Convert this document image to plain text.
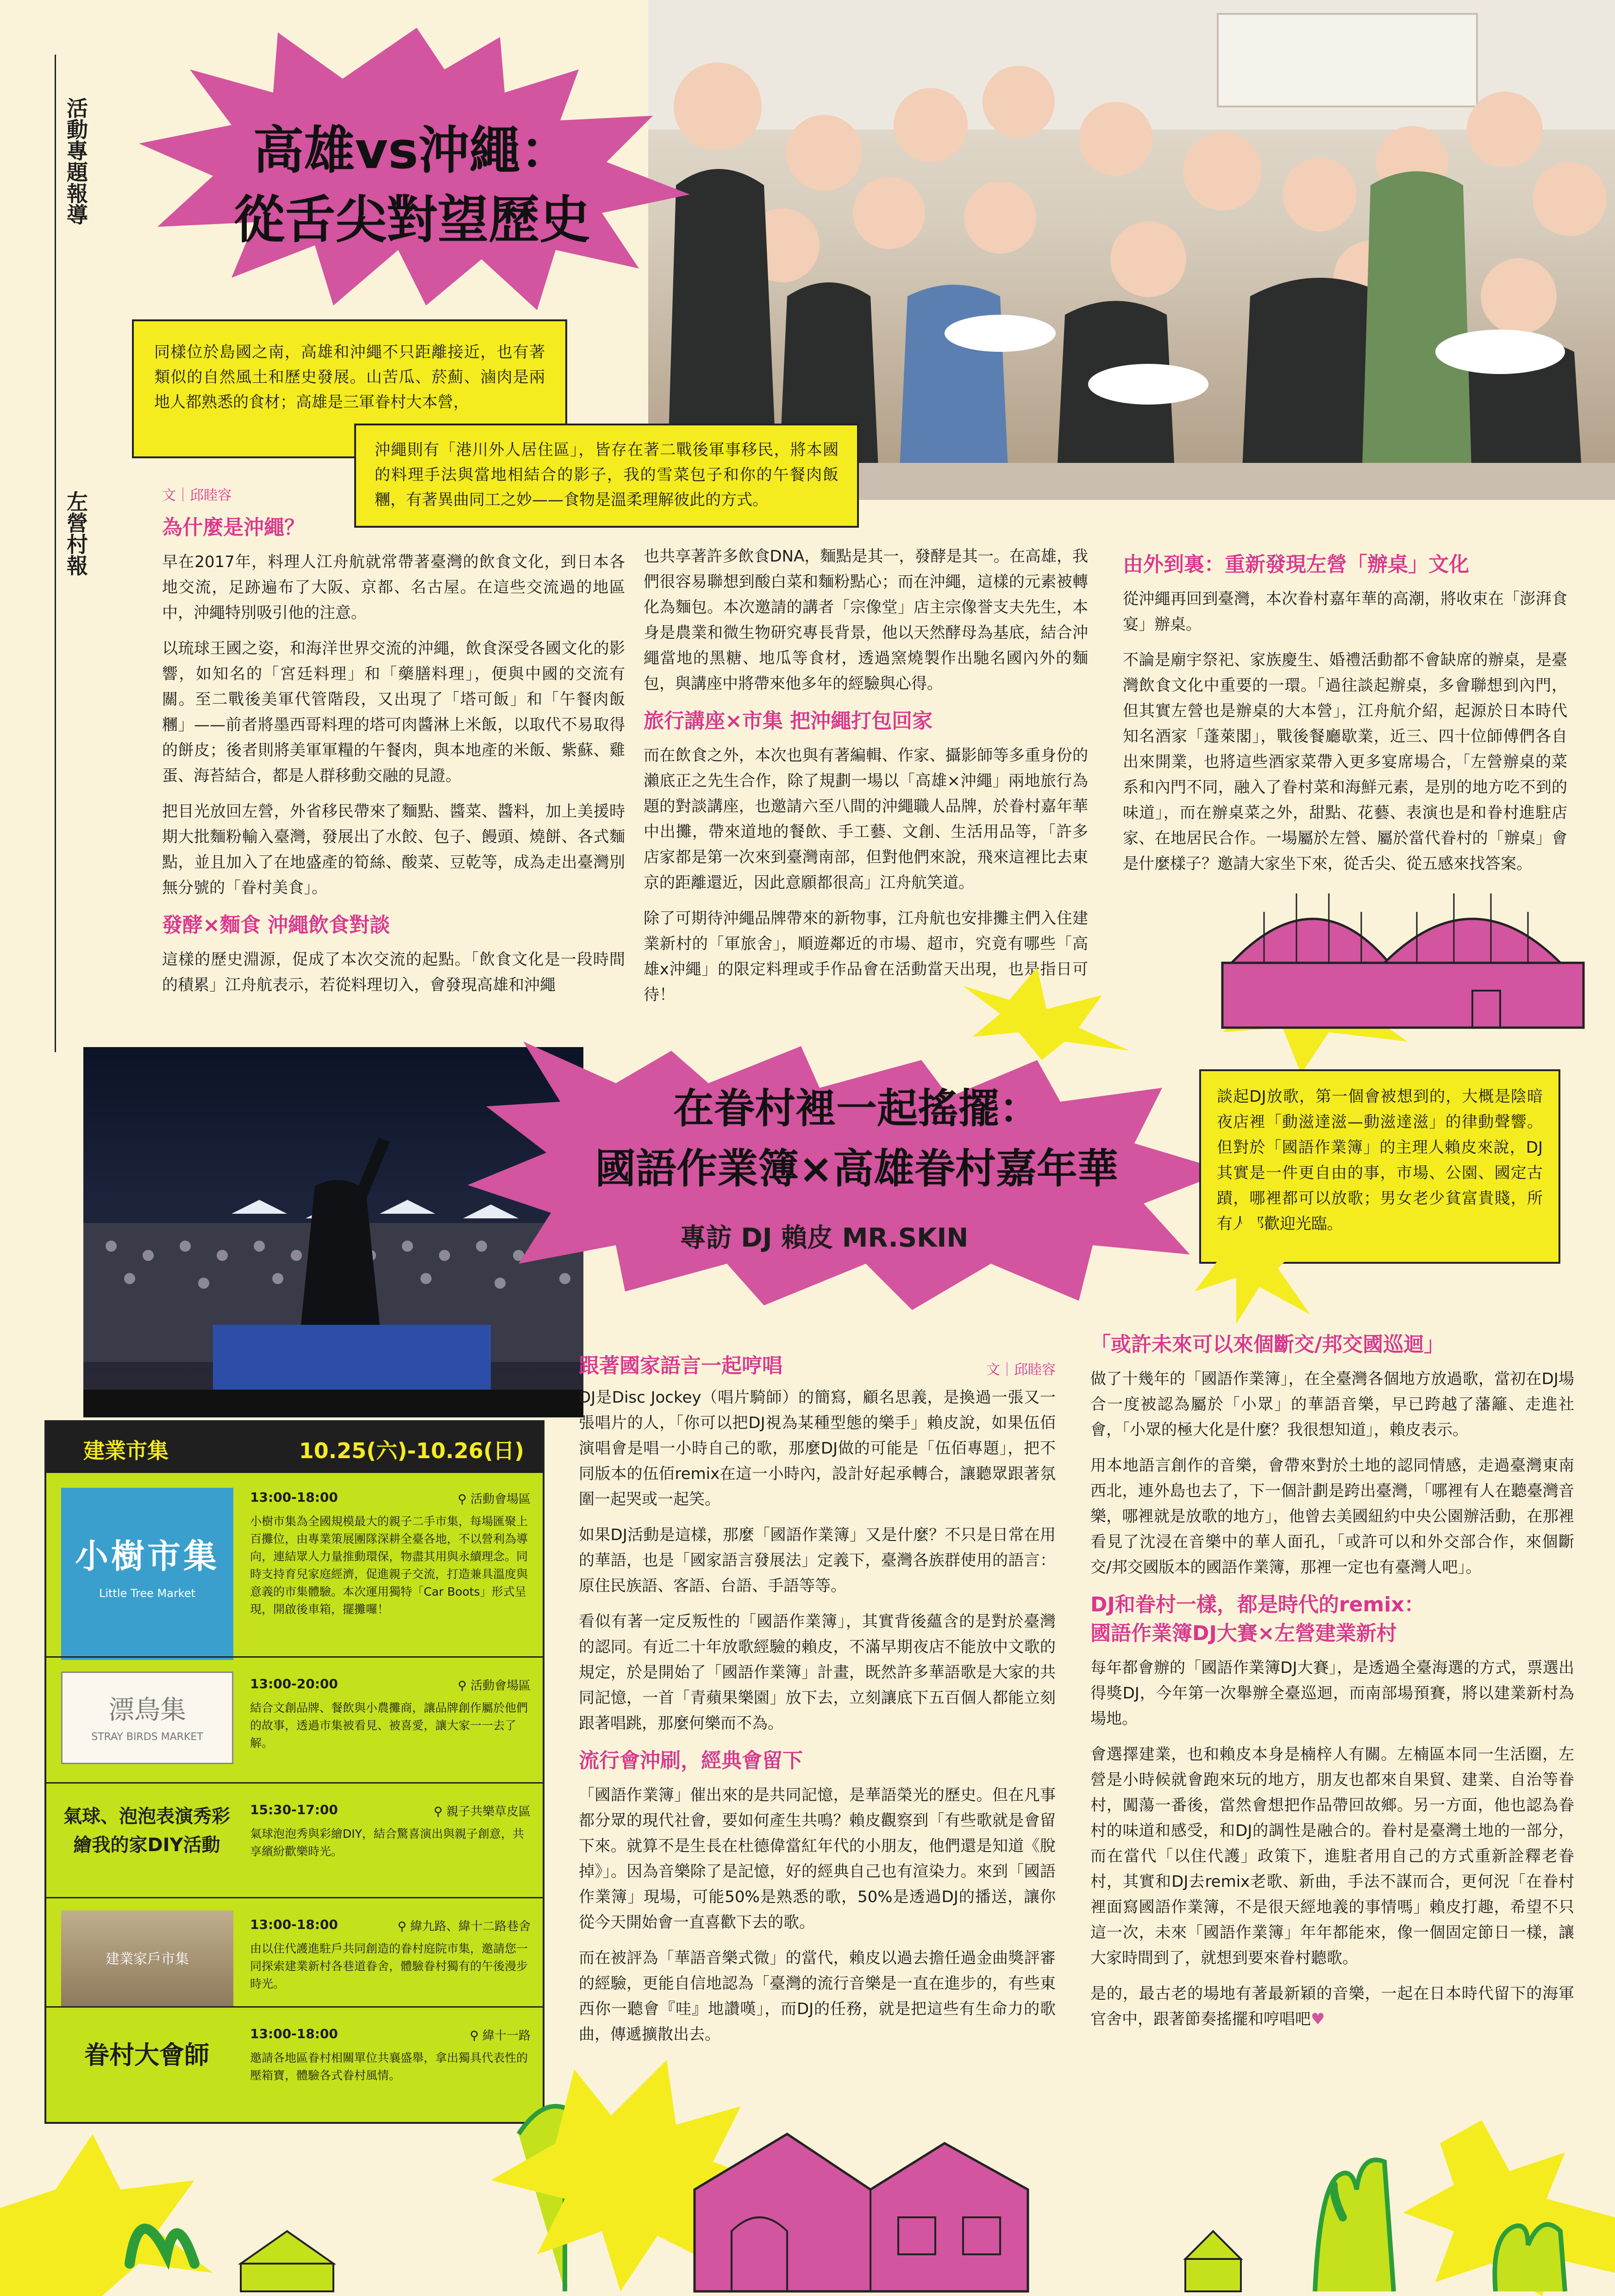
活動專題報導
左營村報
高雄vs沖繩：
從舌尖對望歷史
同樣位於島國之南，高雄和沖繩不只距離接近，也有著類似的自然風土和歷史發展。山苦瓜、菸薊、滷肉是兩地人都熟悉的食材；高雄是三軍眷村大本營，
沖繩則有「港川外人居住區」，皆存在著二戰後軍事移民，將本國的料理手法與當地相結合的影子，我的雪菜包子和你的午餐肉飯糰，有著異曲同工之妙——食物是溫柔理解彼此的方式。
文｜邱睦容
為什麼是沖繩？

早在2017年，料理人江舟航就常帶著臺灣的飲食文化，到日本各地交流，足跡遍布了大阪、京都、名古屋。在這些交流過的地區中，沖繩特別吸引他的注意。

以琉球王國之姿，和海洋世界交流的沖繩，飲食深受各國文化的影響，如知名的「宮廷料理」和「藥膳料理」，便與中國的交流有關。至二戰後美軍代管階段，又出現了「塔可飯」和「午餐肉飯糰」——前者將墨西哥料理的塔可肉醬淋上米飯，以取代不易取得的餅皮；後者則將美軍軍糧的午餐肉，與本地產的米飯、紫蘇、雞蛋、海苔結合，都是人群移動交融的見證。

把目光放回左營，外省移民帶來了麵點、醬菜、醬料，加上美援時期大批麵粉輸入臺灣，發展出了水餃、包子、饅頭、燒餅、各式麵點，並且加入了在地盛產的筍絲、酸菜、豆乾等，成為走出臺灣別無分號的「眷村美食」。

發酵×麵食 沖繩飲食對談

這樣的歷史淵源，促成了本次交流的起點。「飲食文化是一段時間的積累」江舟航表示，若從料理切入，會發現高雄和沖繩

也共享著許多飲食DNA，麵點是其一，發酵是其一。在高雄，我們很容易聯想到酸白菜和麵粉點心；而在沖繩，這樣的元素被轉化為麵包。本次邀請的講者「宗像堂」店主宗像誉支夫先生，本身是農業和微生物研究專長背景，他以天然酵母為基底，結合沖繩當地的黑糖、地瓜等食材，透過窯燒製作出馳名國內外的麵包，與講座中將帶來他多年的經驗與心得。

旅行講座×市集 把沖繩打包回家

而在飲食之外，本次也與有著編輯、作家、攝影師等多重身份的瀨底正之先生合作，除了規劃一場以「高雄×沖繩」兩地旅行為題的對談講座，也邀請六至八間的沖繩職人品牌，於眷村嘉年華中出攤，帶來道地的餐飲、手工藝、文創、生活用品等，「許多店家都是第一次來到臺灣南部，但對他們來說，飛來這裡比去東京的距離還近，因此意願都很高」江舟航笑道。

除了可期待沖繩品牌帶來的新物事，江舟航也安排攤主們入住建業新村的「軍旅舍」，順遊鄰近的市場、超市，究竟有哪些「高雄x沖繩」的限定料理或手作品會在活動當天出現，也是指日可待！

由外到裏：重新發現左營「辦桌」文化

從沖繩再回到臺灣，本次眷村嘉年華的高潮，將收束在「澎湃食宴」辦桌。

不論是廟宇祭祀、家族慶生、婚禮活動都不會缺席的辦桌，是臺灣飲食文化中重要的一環。「過往談起辦桌，多會聯想到內門，但其實左營也是辦桌的大本營」，江舟航介紹，起源於日本時代知名酒家「蓬萊閣」，戰後餐廳歇業，近三、四十位師傅們各自出來開業，也將這些酒家菜帶入更多宴席場合，「左營辦桌的菜系和內門不同，融入了眷村菜和海鮮元素，是別的地方吃不到的味道」，而在辦桌菜之外，甜點、花藝、表演也是和眷村進駐店家、在地居民合作。一場屬於左營、屬於當代眷村的「辦桌」會是什麼樣子？邀請大家坐下來，從舌尖、從五感來找答案。

在眷村裡一起搖擺：
國語作業簿×高雄眷村嘉年華
專訪 DJ 賴皮 MR.SKIN
談起DJ放歌，第一個會被想到的，大概是陰暗夜店裡「動滋達滋—動滋達滋」的律動聲響。但對於「國語作業簿」的主理人賴皮來說，DJ其實是一件更自由的事，市場、公園、國定古蹟，哪裡都可以放歌；男女老少貧富貴賤，所有人都歡迎光臨。
跟著國家語言一起哼唱	文｜邱睦容

DJ是Disc Jockey（唱片騎師）的簡寫，顧名思義，是換過一張又一張唱片的人，「你可以把DJ視為某種型態的樂手」賴皮說，如果伍佰演唱會是唱一小時自己的歌，那麼DJ做的可能是「伍佰專題」，把不同版本的伍佰remix在這一小時內，設計好起承轉合，讓聽眾跟著氛圍一起哭或一起笑。

如果DJ活動是這樣，那麼「國語作業簿」又是什麼？不只是日常在用的華語，也是「國家語言發展法」定義下，臺灣各族群使用的語言：原住民族語、客語、台語、手語等等。

看似有著一定反叛性的「國語作業簿」，其實背後蘊含的是對於臺灣的認同。有近二十年放歌經驗的賴皮，不滿早期夜店不能放中文歌的規定，於是開始了「國語作業簿」計畫，既然許多華語歌是大家的共同記憶，一首「青蘋果樂園」放下去，立刻讓底下五百個人都能立刻跟著唱跳，那麼何樂而不為。

流行會沖刷，經典會留下

「國語作業簿」催出來的是共同記憶，是華語榮光的歷史。但在凡事都分眾的現代社會，要如何產生共鳴？賴皮觀察到「有些歌就是會留下來。就算不是生長在杜德偉當紅年代的小朋友，他們還是知道《脫掉》」。因為音樂除了是記憶，好的經典自己也有渲染力。來到「國語作業簿」現場，可能50%是熟悉的歌，50%是透過DJ的播送，讓你從今天開始會一直喜歡下去的歌。

而在被評為「華語音樂式微」的當代，賴皮以過去擔任過金曲獎評審的經驗，更能自信地認為「臺灣的流行音樂是一直在進步的，有些東西你一聽會『哇』地讚嘆」，而DJ的任務，就是把這些有生命力的歌曲，傳遞擴散出去。

「或許未來可以來個斷交/邦交國巡迴」

做了十幾年的「國語作業簿」，在全臺灣各個地方放過歌，當初在DJ場合一度被認為屬於「小眾」的華語音樂，早已跨越了藩籬、走進社會，「小眾的極大化是什麼？我很想知道」，賴皮表示。

用本地語言創作的音樂，會帶來對於土地的認同情感，走過臺灣東南西北，連外島也去了，下一個計劃是跨出臺灣，「哪裡有人在聽臺灣音樂，哪裡就是放歌的地方」，他曾去美國紐約中央公園辦活動，在那裡看見了沈浸在音樂中的華人面孔，「或許可以和外交部合作，來個斷交/邦交國版本的國語作業簿，那裡一定也有臺灣人吧」。

DJ和眷村一樣，都是時代的remix：
國語作業簿DJ大賽×左營建業新村

每年都會辦的「國語作業簿DJ大賽」，是透過全臺海選的方式，票選出得獎DJ，今年第一次舉辦全臺巡迴，而南部場預賽，將以建業新村為場地。

會選擇建業，也和賴皮本身是楠梓人有關。左楠區本同一生活圈，左營是小時候就會跑來玩的地方，朋友也都來自果貿、建業、自治等眷村，闖蕩一番後，當然會想把作品帶回故鄉。另一方面，他也認為眷村的味道和感受，和DJ的調性是融合的。眷村是臺灣土地的一部分，而在當代「以住代護」政策下，進駐者用自己的方式重新詮釋老眷村，其實和DJ去remix老歌、新曲，手法不謀而合，更何況「在眷村裡面寫國語作業簿，不是很天經地義的事情嗎」賴皮打趣，希望不只這一次，未來「國語作業簿」年年都能來，像一個固定節日一樣，讓大家時間到了，就想到要來眷村聽歌。

是的，最古老的場地有著最新穎的音樂，一起在日本時代留下的海軍官舍中，跟著節奏搖擺和哼唱吧♥

建業市集	10.25(六)-10.26(日)
小樹市集
Little Tree Market
13:00-18:00	⚲ 活動會場區
小樹市集為全國規模最大的親子二手市集，每場匯聚上百攤位，由專業策展團隊深耕全臺各地，不以營利為導向，連結眾人力量推動環保，物盡其用與永續理念。同時支持育兒家庭經濟，促進親子交流，打造兼具溫度與意義的市集體驗。本次運用獨特「Car Boots」形式呈現，開啟後車箱，擺攤囉！
漂鳥集
STRAY BIRDS MARKET
13:00-20:00	⚲ 活動會場區
結合文創品牌、餐飲與小農攤商，讓品牌創作屬於他們的故事，透過市集被看見、被喜愛，讓大家一一去了解。
氣球、泡泡表演秀彩繪我的家DIY活動
15:30-17:00	⚲ 親子共樂草皮區
氣球泡泡秀與彩繪DIY，結合驚喜演出與親子創意，共享繽紛歡樂時光。
建業家戶市集
13:00-18:00	⚲ 緯九路、緯十二路巷舍
由以住代護進駐戶共同創造的眷村庭院市集，邀請您一同探索建業新村各巷道眷舍，體驗眷村獨有的午後漫步時光。
眷村大會師
13:00-18:00	⚲ 緯十一路
邀請各地區眷村相關單位共襄盛舉，拿出獨具代表性的壓箱寶，體驗各式眷村風情。
